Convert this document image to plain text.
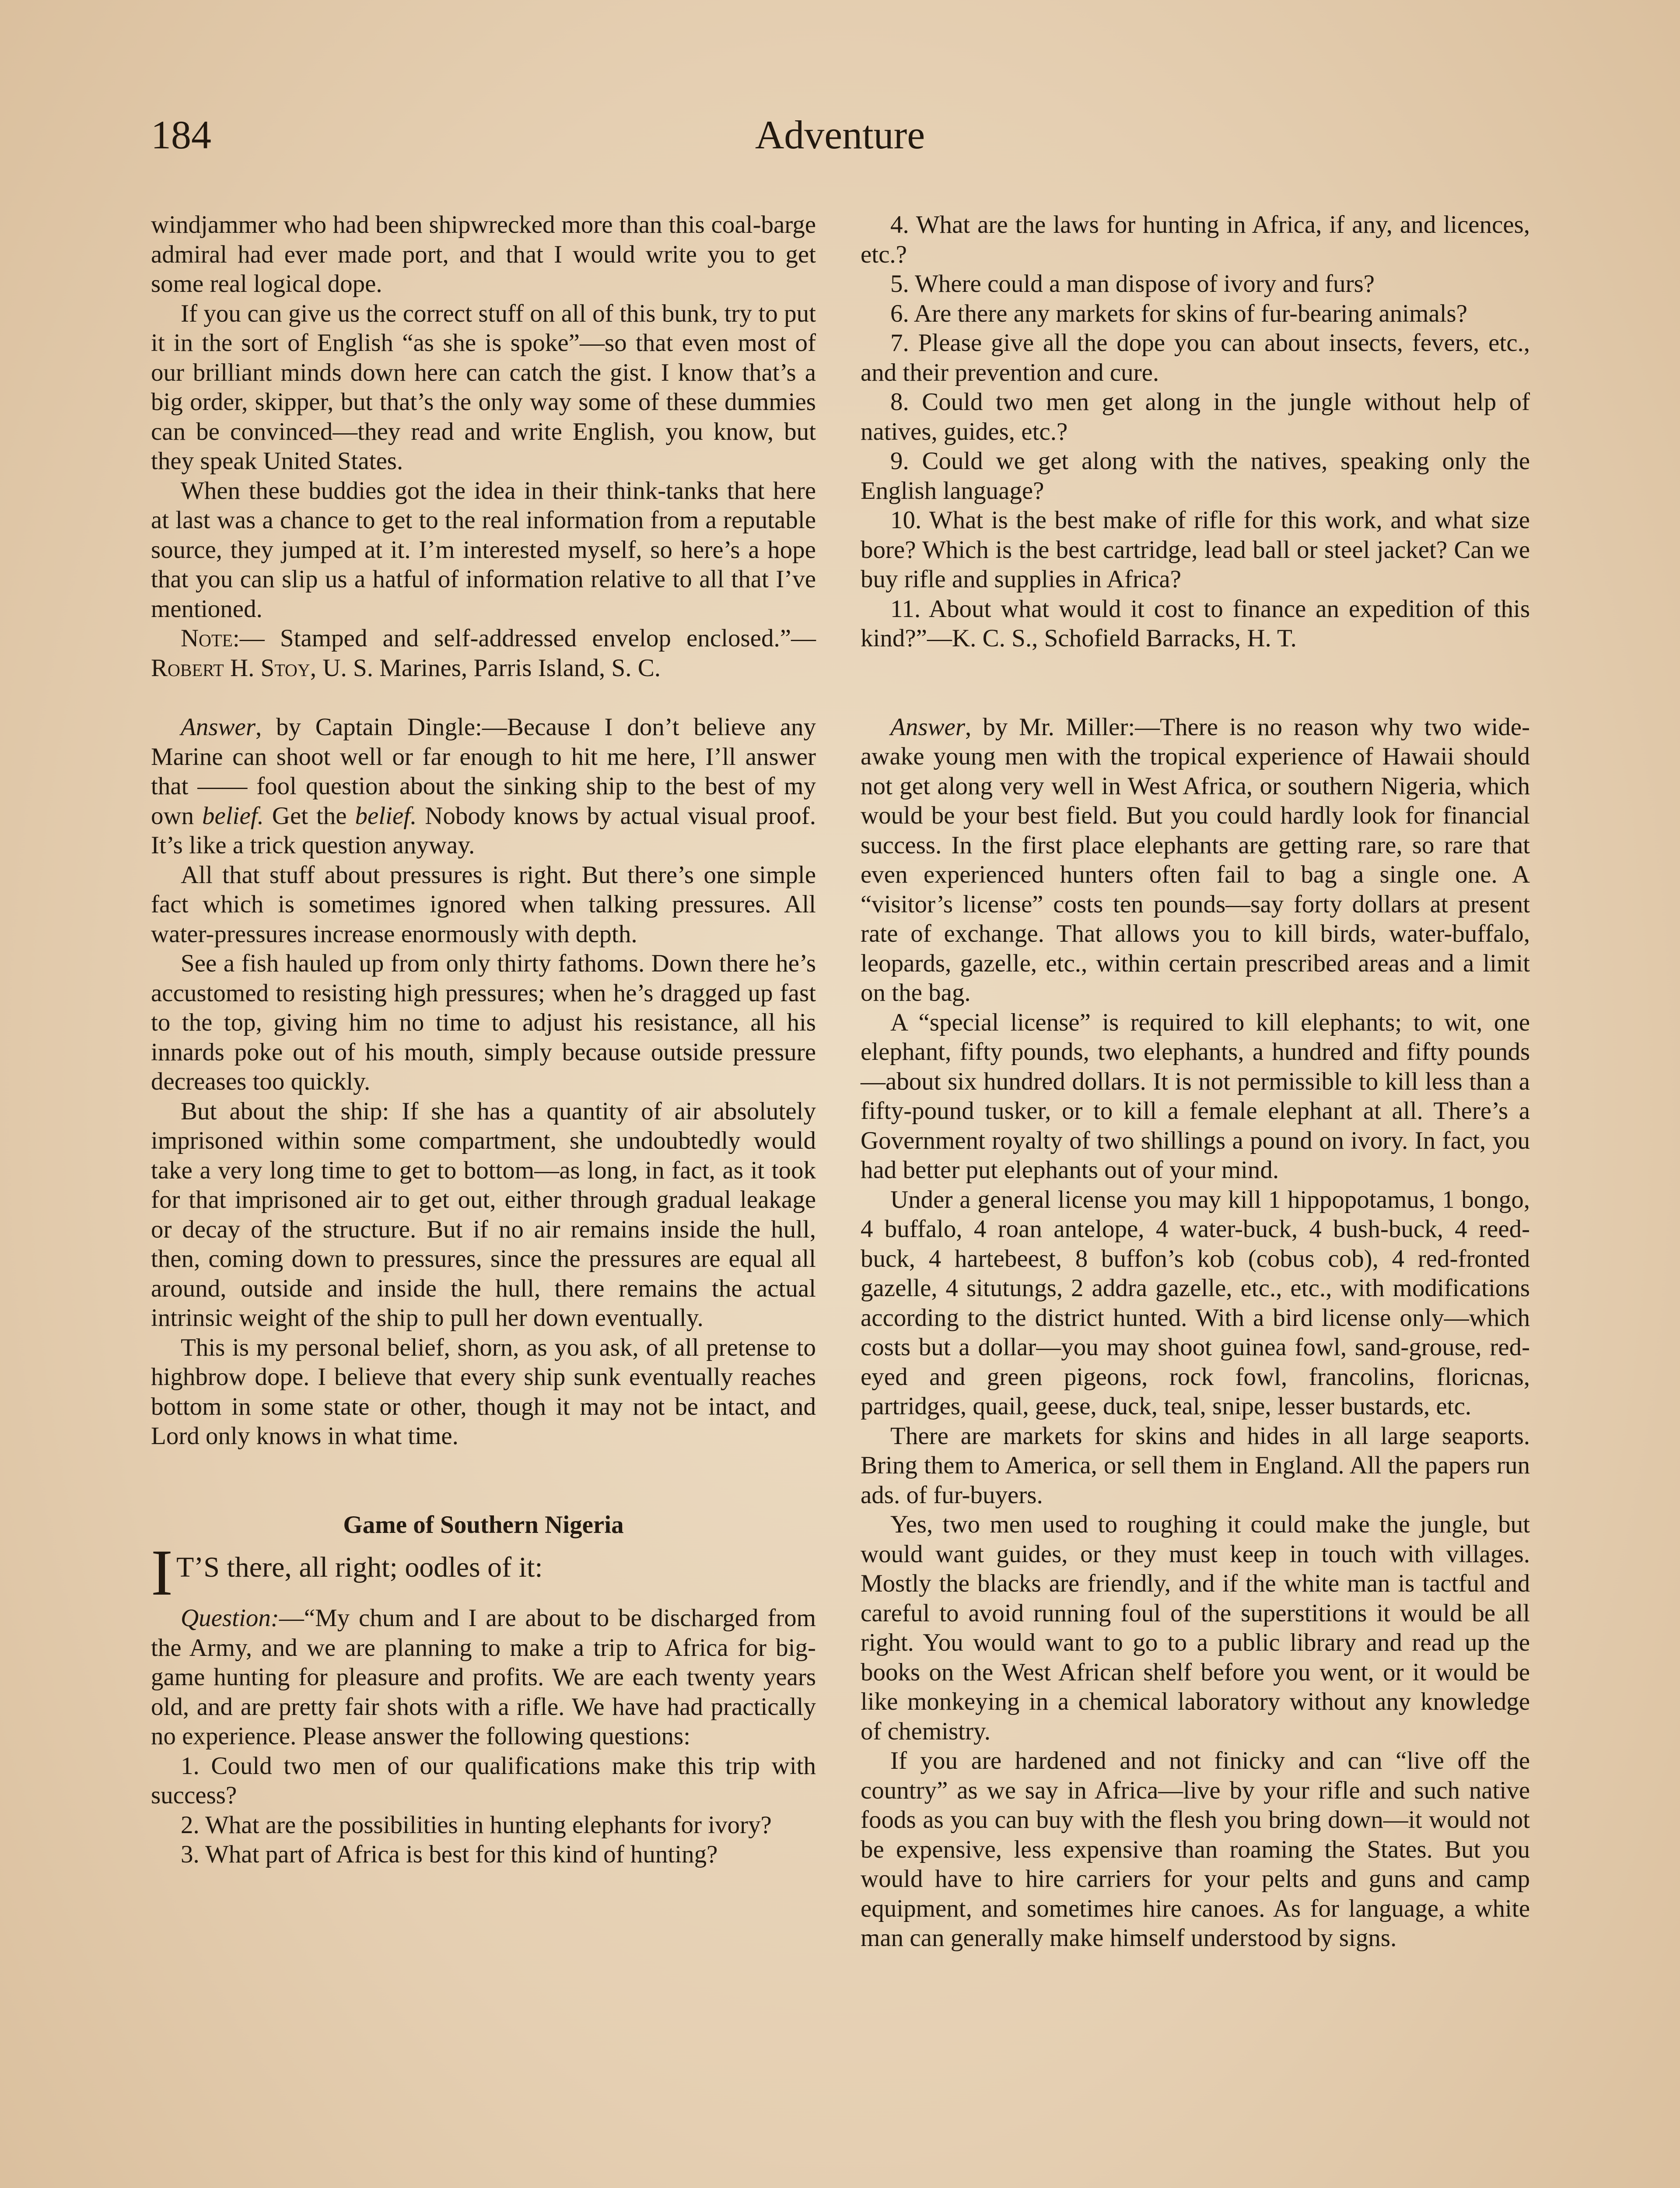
184	Adventure

windjammer who had been shipwrecked more than this coal-barge admiral had ever made port, and that I would write you to get some real logical dope.

If you can give us the correct stuff on all of this bunk, try to put it in the sort of English “as she is spoke”—so that even most of our brilliant minds down here can catch the gist. I know that’s a big order, skipper, but that’s the only way some of these dummies can be convinced—they read and write English, you know, but they speak United States.

When these buddies got the idea in their think-tanks that here at last was a chance to get to the real information from a reputable source, they jumped at it. I’m interested myself, so here’s a hope that you can slip us a hatful of information relative to all that I’ve mentioned.

Note:— Stamped and self-addressed envelop enclosed.”—Robert H. Stoy, U. S. Marines, Parris Island, S. C.

Answer, by Captain Dingle:—Because I don’t believe any Marine can shoot well or far enough to hit me here, I’ll answer that —— fool question about the sinking ship to the best of my own belief. Get the belief. Nobody knows by actual visual proof. It’s like a trick question anyway.

All that stuff about pressures is right. But there’s one simple fact which is sometimes ignored when talking pressures. All water-pressures increase enormously with depth.

See a fish hauled up from only thirty fathoms. Down there he’s accustomed to resisting high pressures; when he’s dragged up fast to the top, giving him no time to adjust his resistance, all his innards poke out of his mouth, simply because outside pressure decreases too quickly.

But about the ship: If she has a quantity of air absolutely imprisoned within some compartment, she undoubtedly would take a very long time to get to bottom—as long, in fact, as it took for that imprisoned air to get out, either through gradual leakage or decay of the structure. But if no air remains inside the hull, then, coming down to pressures, since the pressures are equal all around, outside and inside the hull, there remains the actual intrinsic weight of the ship to pull her down eventually.

This is my personal belief, shorn, as you ask, of all pretense to highbrow dope. I believe that every ship sunk eventually reaches bottom in some state or other, though it may not be intact, and Lord only knows in what time.

Game of Southern Nigeria

I T’S there, all right; oodles of it:

Question:—“My chum and I are about to be discharged from the Army, and we are planning to make a trip to Africa for big-game hunting for pleasure and profits. We are each twenty years old, and are pretty fair shots with a rifle. We have had practically no experience. Please answer the following questions:

1. Could two men of our qualifications make this trip with success?

2. What are the possibilities in hunting elephants for ivory?

3. What part of Africa is best for this kind of hunting?

4. What are the laws for hunting in Africa, if any, and licences, etc.?

5. Where could a man dispose of ivory and furs?

6. Are there any markets for skins of fur-bearing animals?

7. Please give all the dope you can about insects, fevers, etc., and their prevention and cure.

8. Could two men get along in the jungle without help of natives, guides, etc.?

9. Could we get along with the natives, speaking only the English language?

10. What is the best make of rifle for this work, and what size bore? Which is the best cartridge, lead ball or steel jacket? Can we buy rifle and supplies in Africa?

11. About what would it cost to finance an expedition of this kind?”—K. C. S., Schofield Barracks, H. T.

Answer, by Mr. Miller:—There is no reason why two wide-awake young men with the tropical experience of Hawaii should not get along very well in West Africa, or southern Nigeria, which would be your best field. But you could hardly look for financial success. In the first place elephants are getting rare, so rare that even experienced hunters often fail to bag a single one. A “visitor’s license” costs ten pounds—say forty dollars at present rate of exchange. That allows you to kill birds, water-buffalo, leopards, gazelle, etc., within certain prescribed areas and a limit on the bag.

A “special license” is required to kill elephants; to wit, one elephant, fifty pounds, two elephants, a hundred and fifty pounds—about six hundred dollars. It is not permissible to kill less than a fifty-pound tusker, or to kill a female elephant at all. There’s a Government royalty of two shillings a pound on ivory. In fact, you had better put elephants out of your mind.

Under a general license you may kill 1 hippopotamus, 1 bongo, 4 buffalo, 4 roan antelope, 4 water-buck, 4 bush-buck, 4 reed-buck, 4 hartebeest, 8 buffon’s kob (cobus cob), 4 red-fronted gazelle, 4 situtungs, 2 addra gazelle, etc., etc., with modifications according to the district hunted. With a bird license only—which costs but a dollar—you may shoot guinea fowl, sand-grouse, red-eyed and green pigeons, rock fowl, francolins, floricnas, partridges, quail, geese, duck, teal, snipe, lesser bustards, etc.

There are markets for skins and hides in all large seaports. Bring them to America, or sell them in England. All the papers run ads. of fur-buyers.

Yes, two men used to roughing it could make the jungle, but would want guides, or they must keep in touch with villages. Mostly the blacks are friendly, and if the white man is tactful and careful to avoid running foul of the superstitions it would be all right. You would want to go to a public library and read up the books on the West African shelf before you went, or it would be like monkeying in a chemical laboratory without any knowledge of chemistry.

If you are hardened and not finicky and can “live off the country” as we say in Africa—live by your rifle and such native foods as you can buy with the flesh you bring down—it would not be expensive, less expensive than roaming the States. But you would have to hire carriers for your pelts and guns and camp equipment, and sometimes hire canoes. As for language, a white man can generally make himself understood by signs.
